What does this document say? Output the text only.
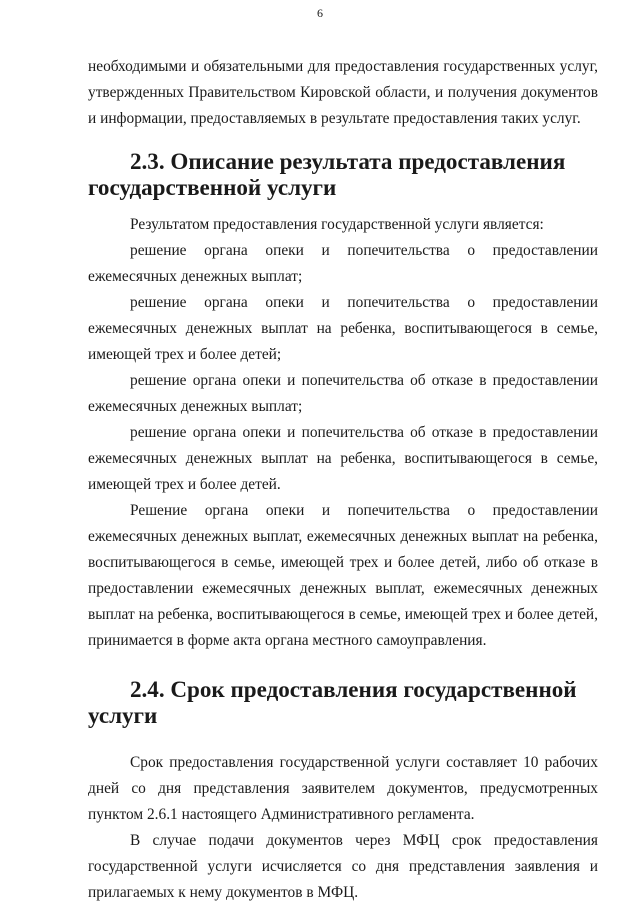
6

необходимыми и обязательными для предоставления государственных услуг, утвержденных Правительством Кировской области, и получения документов и информации, предоставляемых в результате предоставления таких услуг.

2.3. Описание результата предоставления государственной услуги

Результатом предоставления государственной услуги является:

решение органа опеки и попечительства о предоставлении ежемесячных денежных выплат;

решение органа опеки и попечительства о предоставлении ежемесячных денежных выплат на ребенка, воспитывающегося в семье, имеющей трех и более детей;

решение органа опеки и попечительства об отказе в предоставлении ежемесячных денежных выплат;

решение органа опеки и попечительства об отказе в предоставлении ежемесячных денежных выплат на ребенка, воспитывающегося в семье, имеющей трех и более детей.

Решение органа опеки и попечительства о предоставлении ежемесячных денежных выплат, ежемесячных денежных выплат на ребенка, воспитывающегося в семье, имеющей трех и более детей, либо об отказе в предоставлении ежемесячных денежных выплат, ежемесячных денежных выплат на ребенка, воспитывающегося в семье, имеющей трех и более детей, принимается в форме акта органа местного самоуправления.

2.4. Срок предоставления государственной услуги

Срок предоставления государственной услуги составляет 10 рабочих дней со дня представления заявителем документов, предусмотренных пунктом 2.6.1 настоящего Административного регламента.

В случае подачи документов через МФЦ срок предоставления государственной услуги исчисляется со дня представления заявления и прилагаемых к нему документов в МФЦ.
